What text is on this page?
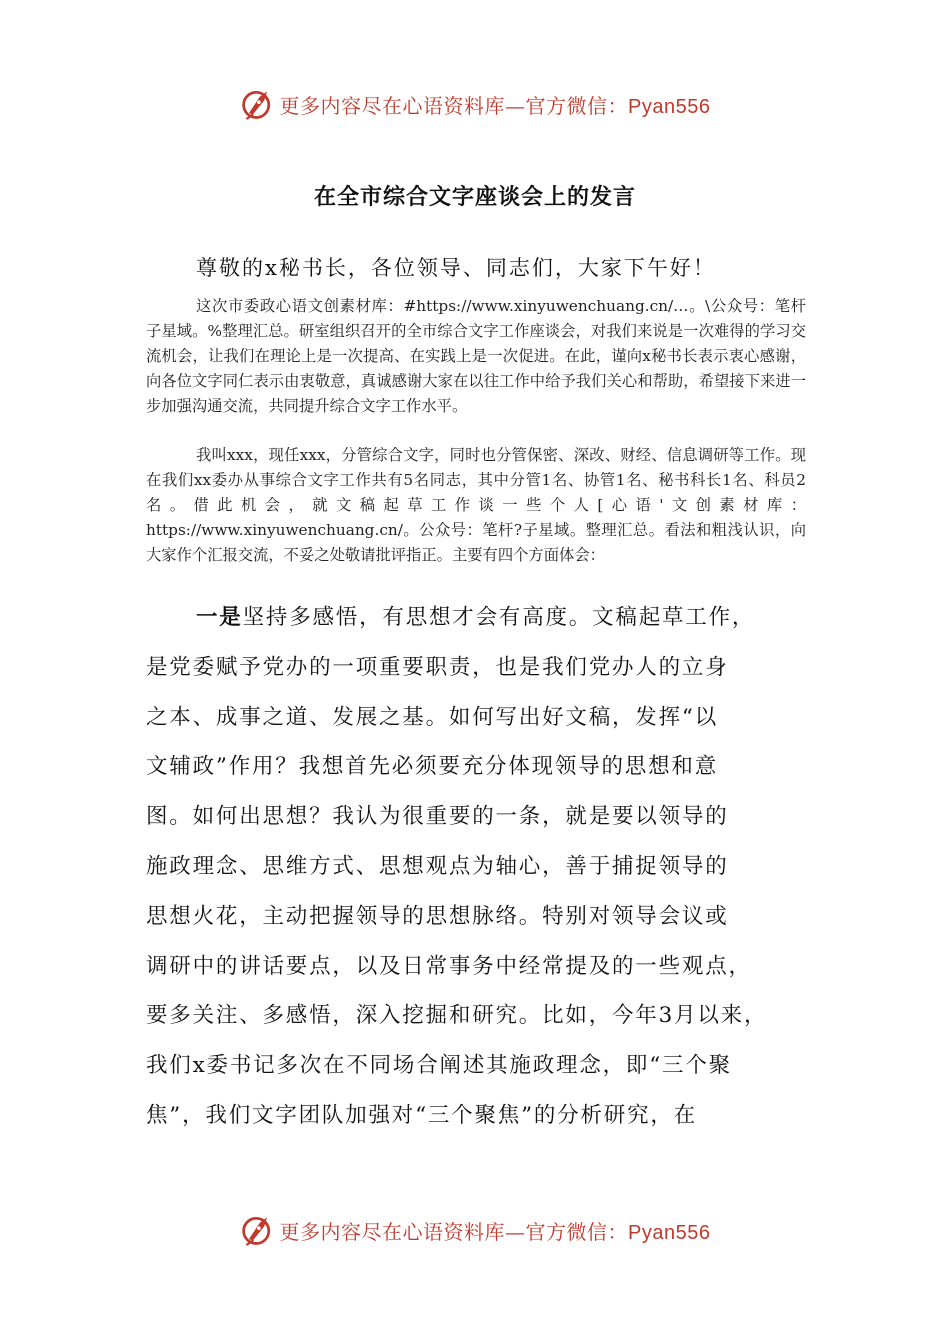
更多内容尽在心语资料库—官方微信：Pyan556
在全市综合文字座谈会上的发言
尊敬的x秘书长，各位领导、同志们，大家下午好！

这次市委政心语文创素材库：#https://www.xinyuwenchuang.cn/…。\公众号：笔杆子星域。%整理汇总。研室组织召开的全市综合文字工作座谈会，对我们来说是一次难得的学习交流机会，让我们在理论上是一次提高、在实践上是一次促进。在此，谨向x秘书长表示衷心感谢，向各位文字同仁表示由衷敬意，真诚感谢大家在以往工作中给予我们关心和帮助，希望接下来进一步加强沟通交流，共同提升综合文字工作水平。

我叫xxx，现任xxx，分管综合文字，同时也分管保密、深改、财经、信息调研等工作。现在我们xx委办从事综合文字工作共有5名同志，其中分管1名、协管1名、秘书科长1名、科员2名。借此机会，就文稿起草工作谈一些个人[心语'文创素材库：https://www.xinyuwenchuang.cn/。公众号：笔杆?子星域。整理汇总。看法和粗浅认识，向大家作个汇报交流，不妥之处敬请批评指正。主要有四个方面体会：

一是坚持多感悟，有思想才会有高度。文稿起草工作，
是党委赋予党办的一项重要职责，也是我们党办人的立身
之本、成事之道、发展之基。如何写出好文稿，发挥“以
文辅政”作用？我想首先必须要充分体现领导的思想和意
图。如何出思想？我认为很重要的一条，就是要以领导的
施政理念、思维方式、思想观点为轴心，善于捕捉领导的
思想火花，主动把握领导的思想脉络。特别对领导会议或
调研中的讲话要点，以及日常事务中经常提及的一些观点，
要多关注、多感悟，深入挖掘和研究。比如，今年3月以来，
我们x委书记多次在不同场合阐述其施政理念，即“三个聚
焦”，我们文字团队加强对“三个聚焦”的分析研究，在
更多内容尽在心语资料库—官方微信：Pyan556
